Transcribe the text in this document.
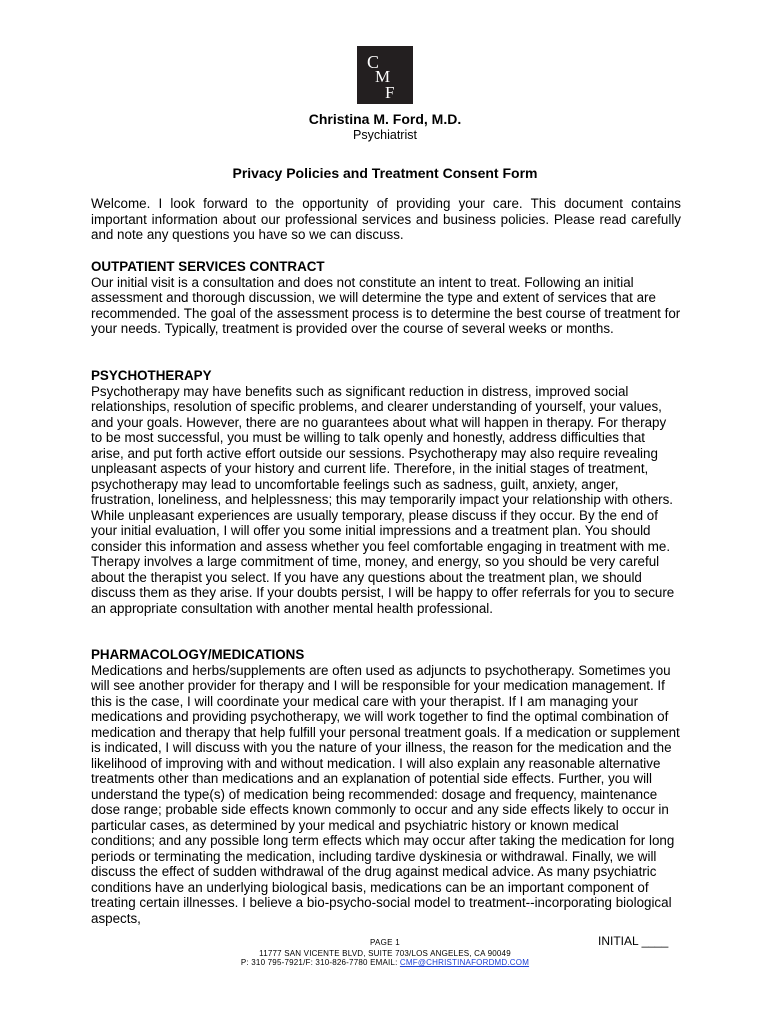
C
M
F
Christina M. Ford, M.D.
Psychiatrist
Privacy Policies and Treatment Consent Form
Welcome. I look forward to the opportunity of providing your care. This document contains important information about our professional services and business policies. Please read carefully and note any questions you have so we can discuss.
OUTPATIENT SERVICES CONTRACT

Our initial visit is a consultation and does not constitute an intent to treat. Following an initial assessment and thorough discussion, we will determine the type and extent of services that are recommended. The goal of the assessment process is to determine the best course of treatment for your needs. Typically, treatment is provided over the course of several weeks or months.

PSYCHOTHERAPY

Psychotherapy may have benefits such as significant reduction in distress, improved social relationships, resolution of specific problems, and clearer understanding of yourself, your values, and your goals. However, there are no guarantees about what will happen in therapy. For therapy to be most successful, you must be willing to talk openly and honestly, address difficulties that arise, and put forth active effort outside our sessions. Psychotherapy may also require revealing unpleasant aspects of your history and current life. Therefore, in the initial stages of treatment, psychotherapy may lead to uncomfortable feelings such as sadness, guilt, anxiety, anger, frustration, loneliness, and helplessness; this may temporarily impact your relationship with others. While unpleasant experiences are usually temporary, please discuss if they occur. By the end of your initial evaluation, I will offer you some initial impressions and a treatment plan. You should consider this information and assess whether you feel comfortable engaging in treatment with me. Therapy involves a large commitment of time, money, and energy, so you should be very careful about the therapist you select. If you have any questions about the treatment plan, we should discuss them as they arise. If your doubts persist, I will be happy to offer referrals for you to secure an appropriate consultation with another mental health professional.

PHARMACOLOGY/MEDICATIONS

Medications and herbs/supplements are often used as adjuncts to psychotherapy. Sometimes you will see another provider for therapy and I will be responsible for your medication management. If this is the case, I will coordinate your medical care with your therapist. If I am managing your medications and providing psychotherapy, we will work together to find the optimal combination of medication and therapy that help fulfill your personal treatment goals. If a medication or supplement is indicated, I will discuss with you the nature of your illness, the reason for the medication and the likelihood of improving with and without medication. I will also explain any reasonable alternative treatments other than medications and an explanation of potential side effects. Further, you will understand the type(s) of medication being recommended: dosage and frequency, maintenance dose range; probable side effects known commonly to occur and any side effects likely to occur in particular cases, as determined by your medical and psychiatric history or known medical conditions; and any possible long term effects which may occur after taking the medication for long periods or terminating the medication, including tardive dyskinesia or withdrawal. Finally, we will discuss the effect of sudden withdrawal of the drug against medical advice. As many psychiatric conditions have an underlying biological basis, medications can be an important component of treating certain illnesses. I believe a bio-psycho-social model to treatment--incorporating biological aspects,

PAGE 1	INITIAL ____
11777 SAN VICENTE BLVD, SUITE 703/LOS ANGELES, CA 90049
P: 310 795-7921/F: 310-826-7780 EMAIL: CMF@CHRISTINAFORDMD.COM
